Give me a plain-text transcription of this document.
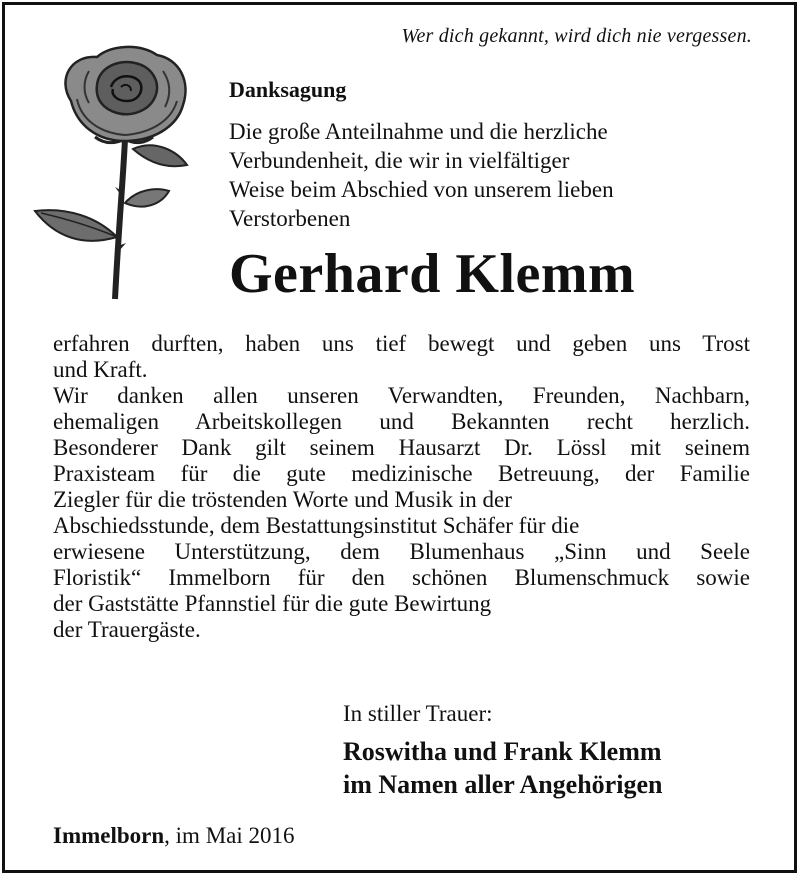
Wer dich gekannt, wird dich nie vergessen.
Danksagung
Die große Anteilnahme und die herzliche
Verbundenheit, die wir in vielfältiger
Weise beim Abschied von unserem lieben
Verstorbenen
Gerhard Klemm

erfahren durften, haben uns tief bewegt und geben uns Trost

und Kraft.

Wir danken allen unseren Verwandten, Freunden, Nachbarn,

ehemaligen Arbeitskollegen und Bekannten recht herzlich.

Besonderer Dank gilt seinem Hausarzt Dr. Lössl mit seinem

Praxisteam für die gute medizinische Betreuung, der Familie

Ziegler für die tröstenden Worte und Musik in der

Abschiedsstunde, dem Bestattungsinstitut Schäfer für die

erwiesene Unterstützung, dem Blumenhaus „Sinn und Seele

Floristik“ Immelborn für den schönen Blumenschmuck sowie

der Gaststätte Pfannstiel für die gute Bewirtung

der Trauergäste.

In stiller Trauer:
Roswitha und Frank Klemm
im Namen aller Angehörigen
Immelborn, im Mai 2016
